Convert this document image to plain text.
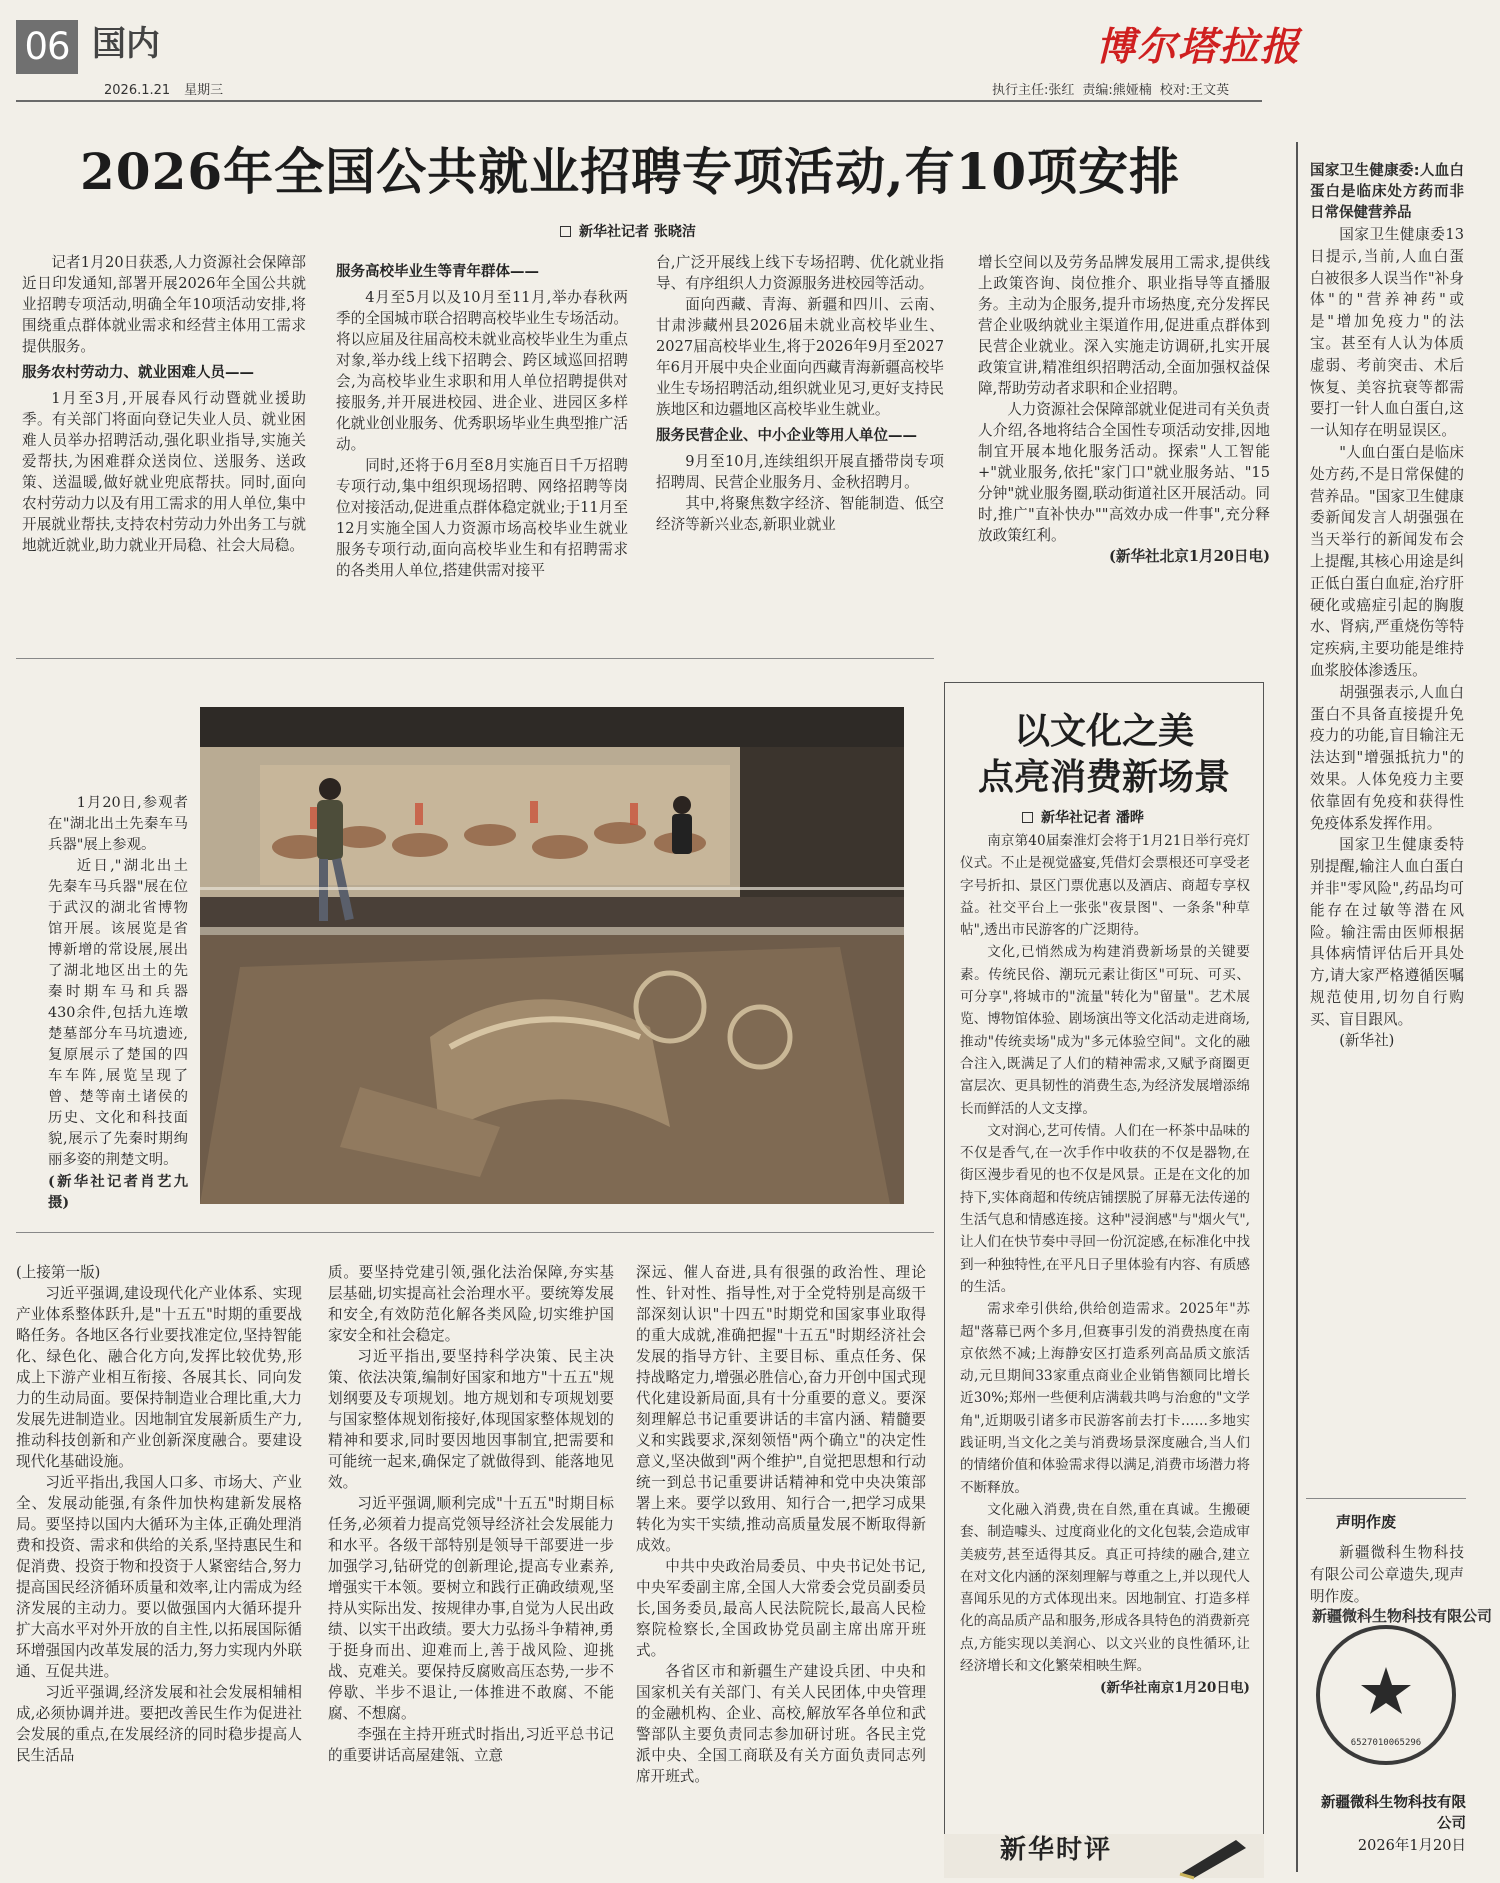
06 国内
2026.1.21 星期三
博尔塔拉报
执行主任:张红 责编:熊娅楠 校对:王文英
2026年全国公共就业招聘专项活动,有10项安排
新华社记者 张晓洁

记者1月20日获悉,人力资源社会保障部近日印发通知,部署开展2026年全国公共就业招聘专项活动,明确全年10项活动安排,将围绕重点群体就业需求和经营主体用工需求提供服务。

服务农村劳动力、就业困难人员——

1月至3月,开展春风行动暨就业援助季。有关部门将面向登记失业人员、就业困难人员举办招聘活动,强化职业指导,实施关爱帮扶,为困难群众送岗位、送服务、送政策、送温暖,做好就业兜底帮扶。同时,面向农村劳动力以及有用工需求的用人单位,集中开展就业帮扶,支持农村劳动力外出务工与就地就近就业,助力就业开局稳、社会大局稳。

服务高校毕业生等青年群体——

4月至5月以及10月至11月,举办春秋两季的全国城市联合招聘高校毕业生专场活动。将以应届及往届高校未就业高校毕业生为重点对象,举办线上线下招聘会、跨区域巡回招聘会,为高校毕业生求职和用人单位招聘提供对接服务,并开展进校园、进企业、进园区多样化就业创业服务、优秀职场毕业生典型推广活动。

同时,还将于6月至8月实施百日千万招聘专项行动,集中组织现场招聘、网络招聘等岗位对接活动,促进重点群体稳定就业;于11月至12月实施全国人力资源市场高校毕业生就业服务专项行动,面向高校毕业生和有招聘需求的各类用人单位,搭建供需对接平

台,广泛开展线上线下专场招聘、优化就业指导、有序组织人力资源服务进校园等活动。

面向西藏、青海、新疆和四川、云南、甘肃涉藏州县2026届未就业高校毕业生、2027届高校毕业生,将于2026年9月至2027年6月开展中央企业面向西藏青海新疆高校毕业生专场招聘活动,组织就业见习,更好支持民族地区和边疆地区高校毕业生就业。

服务民营企业、中小企业等用人单位——

9月至10月,连续组织开展直播带岗专项招聘周、民营企业服务月、金秋招聘月。

其中,将聚焦数字经济、智能制造、低空经济等新兴业态,新职业就业

增长空间以及劳务品牌发展用工需求,提供线上政策咨询、岗位推介、职业指导等直播服务。主动为企服务,提升市场热度,充分发挥民营企业吸纳就业主渠道作用,促进重点群体到民营企业就业。深入实施走访调研,扎实开展政策宣讲,精准组织招聘活动,全面加强权益保障,帮助劳动者求职和企业招聘。

人力资源社会保障部就业促进司有关负责人介绍,各地将结合全国性专项活动安排,因地制宜开展本地化服务活动。探索"人工智能+"就业服务,依托"家门口"就业服务站、"15分钟"就业服务圈,联动街道社区开展活动。同时,推广"直补快办""高效办成一件事",充分释放政策红利。

(新华社北京1月20日电)

国家卫生健康委:人血白蛋白是临床处方药而非日常保健营养品

国家卫生健康委13日提示,当前,人血白蛋白被很多人误当作"补身体"的"营养神药"或是"增加免疫力"的法宝。甚至有人认为体质虚弱、考前突击、术后恢复、美容抗衰等都需要打一针人血白蛋白,这一认知存在明显误区。

"人血白蛋白是临床处方药,不是日常保健的营养品。"国家卫生健康委新闻发言人胡强强在当天举行的新闻发布会上提醒,其核心用途是纠正低白蛋白血症,治疗肝硬化或癌症引起的胸腹水、肾病,严重烧伤等特定疾病,主要功能是维持血浆胶体渗透压。

胡强强表示,人血白蛋白不具备直接提升免疫力的功能,盲目输注无法达到"增强抵抗力"的效果。人体免疫力主要依靠固有免疫和获得性免疫体系发挥作用。

国家卫生健康委特别提醒,输注人血白蛋白并非"零风险",药品均可能存在过敏等潜在风险。输注需由医师根据具体病情评估后开具处方,请大家严格遵循医嘱规范使用,切勿自行购买、盲目跟风。

(新华社)

声明作废
新疆微科生物科技有限公司公章遗失,现声明作废。
新疆微科生物科技有限公司
6527010065296
新疆微科生物科技有限公司
2026年1月20日

1月20日,参观者在"湖北出土先秦车马兵器"展上参观。

近日,"湖北出土先秦车马兵器"展在位于武汉的湖北省博物馆开展。该展览是省博新增的常设展,展出了湖北地区出土的先秦时期车马和兵器430余件,包括九连墩楚墓部分车马坑遗迹,复原展示了楚国的四车车阵,展览呈现了曾、楚等南土诸侯的历史、文化和科技面貌,展示了先秦时期绚丽多姿的荆楚文明。

(新华社记者肖艺九 摄)

(上接第一版)

习近平强调,建设现代化产业体系、实现产业体系整体跃升,是"十五五"时期的重要战略任务。各地区各行业要找准定位,坚持智能化、绿色化、融合化方向,发挥比较优势,形成上下游产业相互衔接、各展其长、同向发力的生动局面。要保持制造业合理比重,大力发展先进制造业。因地制宜发展新质生产力,推动科技创新和产业创新深度融合。要建设现代化基础设施。

习近平指出,我国人口多、市场大、产业全、发展动能强,有条件加快构建新发展格局。要坚持以国内大循环为主体,正确处理消费和投资、需求和供给的关系,坚持惠民生和促消费、投资于物和投资于人紧密结合,努力提高国民经济循环质量和效率,让内需成为经济发展的主动力。要以做强国内大循环提升扩大高水平对外开放的自主性,以拓展国际循环增强国内改革发展的活力,努力实现内外联通、互促共进。

习近平强调,经济发展和社会发展相辅相成,必须协调并进。要把改善民生作为促进社会发展的重点,在发展经济的同时稳步提高人民生活品

质。要坚持党建引领,强化法治保障,夯实基层基础,切实提高社会治理水平。要统筹发展和安全,有效防范化解各类风险,切实维护国家安全和社会稳定。

习近平指出,要坚持科学决策、民主决策、依法决策,编制好国家和地方"十五五"规划纲要及专项规划。地方规划和专项规划要与国家整体规划衔接好,体现国家整体规划的精神和要求,同时要因地因事制宜,把需要和可能统一起来,确保定了就做得到、能落地见效。

习近平强调,顺利完成"十五五"时期目标任务,必须着力提高党领导经济社会发展能力和水平。各级干部特别是领导干部要进一步加强学习,钻研党的创新理论,提高专业素养,增强实干本领。要树立和践行正确政绩观,坚持从实际出发、按规律办事,自觉为人民出政绩、以实干出政绩。要大力弘扬斗争精神,勇于挺身而出、迎难而上,善于战风险、迎挑战、克难关。要保持反腐败高压态势,一步不停歇、半步不退让,一体推进不敢腐、不能腐、不想腐。

李强在主持开班式时指出,习近平总书记的重要讲话高屋建瓴、立意

深远、催人奋进,具有很强的政治性、理论性、针对性、指导性,对于全党特别是高级干部深刻认识"十四五"时期党和国家事业取得的重大成就,准确把握"十五五"时期经济社会发展的指导方针、主要目标、重点任务、保持战略定力,增强必胜信心,奋力开创中国式现代化建设新局面,具有十分重要的意义。要深刻理解总书记重要讲话的丰富内涵、精髓要义和实践要求,深刻领悟"两个确立"的决定性意义,坚决做到"两个维护",自觉把思想和行动统一到总书记重要讲话精神和党中央决策部署上来。要学以致用、知行合一,把学习成果转化为实干实绩,推动高质量发展不断取得新成效。

中共中央政治局委员、中央书记处书记,中央军委副主席,全国人大常委会党员副委员长,国务委员,最高人民法院院长,最高人民检察院检察长,全国政协党员副主席出席开班式。

各省区市和新疆生产建设兵团、中央和国家机关有关部门、有关人民团体,中央管理的金融机构、企业、高校,解放军各单位和武警部队主要负责同志参加研讨班。各民主党派中央、全国工商联及有关方面负责同志列席开班式。

以文化之美
点亮消费新场景
新华社记者 潘晔

南京第40届秦淮灯会将于1月21日举行亮灯仪式。不止是视觉盛宴,凭借灯会票根还可享受老字号折扣、景区门票优惠以及酒店、商超专享权益。社交平台上一张张"夜景图"、一条条"种草帖",透出市民游客的广泛期待。

文化,已悄然成为构建消费新场景的关键要素。传统民俗、潮玩元素让街区"可玩、可买、可分享",将城市的"流量"转化为"留量"。艺术展览、博物馆体验、剧场演出等文化活动走进商场,推动"传统卖场"成为"多元体验空间"。文化的融合注入,既满足了人们的精神需求,又赋予商圈更富层次、更具韧性的消费生态,为经济发展增添绵长而鲜活的人文支撑。

文对润心,艺可传情。人们在一杯茶中品味的不仅是香气,在一次手作中收获的不仅是器物,在街区漫步看见的也不仅是风景。正是在文化的加持下,实体商超和传统店铺摆脱了屏幕无法传递的生活气息和情感连接。这种"浸润感"与"烟火气",让人们在快节奏中寻回一份沉淀感,在标准化中找到一种独特性,在平凡日子里体验有内容、有质感的生活。

需求牵引供给,供给创造需求。2025年"苏超"落幕已两个多月,但赛事引发的消费热度在南京依然不减;上海静安区打造系列高品质文旅活动,元旦期间33家重点商业企业销售额同比增长近30%;郑州一些便利店满载共鸣与治愈的"文学角",近期吸引诸多市民游客前去打卡……多地实践证明,当文化之美与消费场景深度融合,当人们的情绪价值和体验需求得以满足,消费市场潜力将不断释放。

文化融入消费,贵在自然,重在真诚。生搬硬套、制造噱头、过度商业化的文化包装,会造成审美疲劳,甚至适得其反。真正可持续的融合,建立在对文化内涵的深刻理解与尊重之上,并以现代人喜闻乐见的方式体现出来。因地制宜、打造多样化的高品质产品和服务,形成各具特色的消费新亮点,方能实现以美润心、以文兴业的良性循环,让经济增长和文化繁荣相映生辉。

(新华社南京1月20日电)

新华时评
